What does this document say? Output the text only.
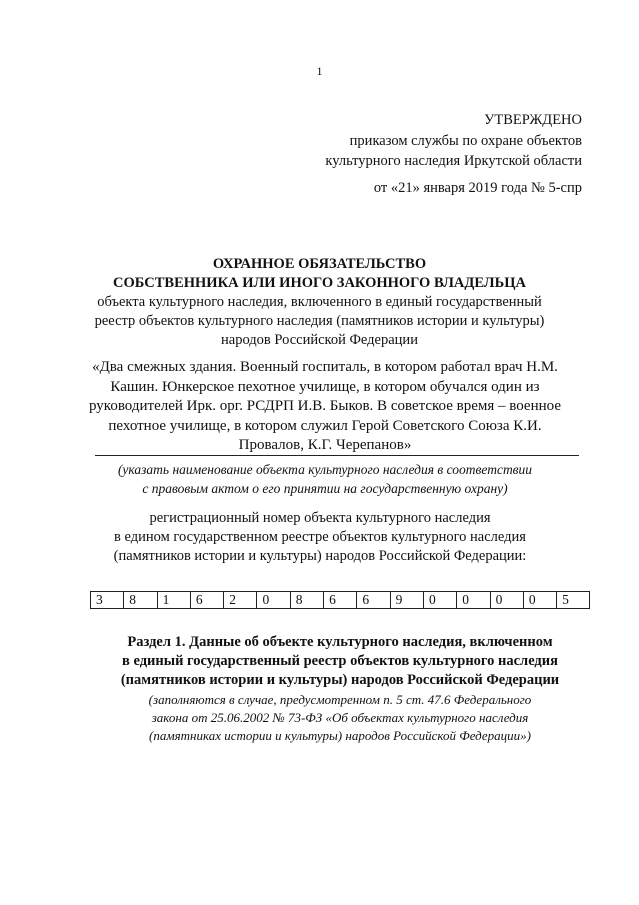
1
УТВЕРЖДЕНО
приказом службы по охране объектов
культурного наследия Иркутской области
от «21» января 2019 года № 5-спр
ОХРАННОЕ ОБЯЗАТЕЛЬСТВО
СОБСТВЕННИКА ИЛИ ИНОГО ЗАКОННОГО ВЛАДЕЛЬЦА
объекта культурного наследия, включенного в единый государственный
реестр объектов культурного наследия (памятников истории и культуры)
народов Российской Федерации
«Два смежных здания. Военный госпиталь, в котором работал врач Н.М.
Кашин. Юнкерское пехотное училище, в котором обучался один из
руководителей Ирк. орг. РСДРП И.В. Быков. В советское время – военное
пехотное училище, в котором служил Герой Советского Союза К.И.
Провалов, К.Г. Черепанов»
(указать наименование объекта культурного наследия в соответствии
с правовым актом о его принятии на государственную охрану)
регистрационный номер объекта культурного наследия
в едином государственном реестре объектов культурного наследия
(памятников истории и культуры) народов Российской Федерации:
3	8	1	6	2	0	8	6	6	9	0	0	0	0	5
Раздел 1. Данные об объекте культурного наследия, включенном
в единый государственный реестр объектов культурного наследия
(памятников истории и культуры) народов Российской Федерации
(заполняются в случае, предусмотренном п. 5 ст. 47.6 Федерального
закона от 25.06.2002 № 73-ФЗ «Об объектах культурного наследия
(памятниках истории и культуры) народов Российской Федерации»)
